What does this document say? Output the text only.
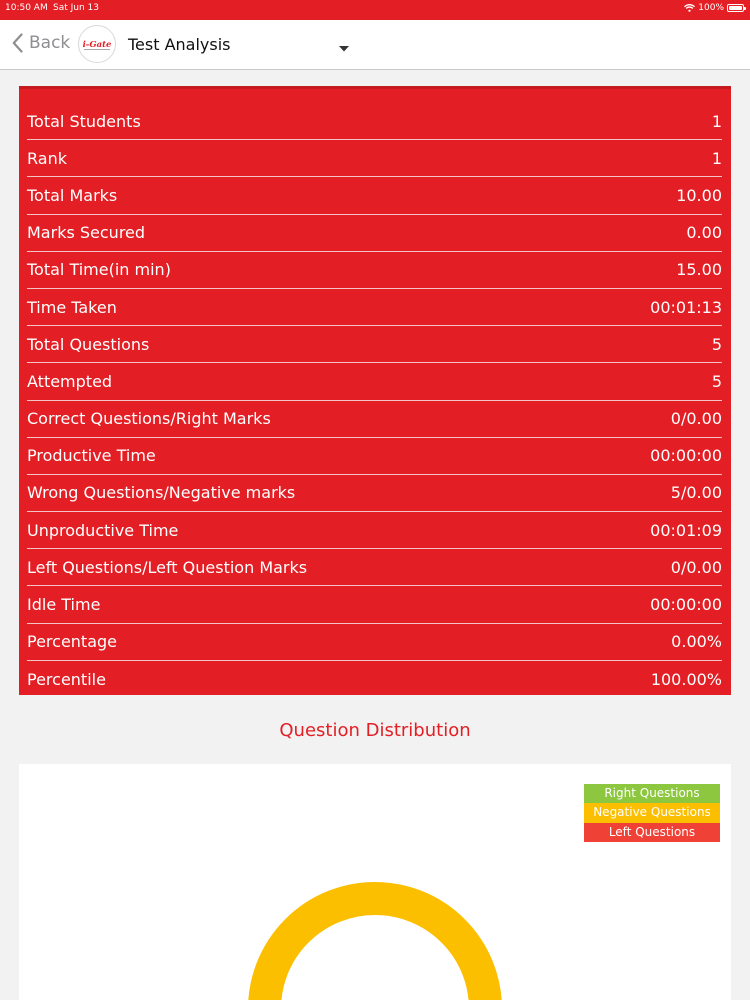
10:50 AM Sat Jun 13	100%
Back i-Gate Test Analysis
Total Students	1
Rank	1
Total Marks	10.00
Marks Secured	0.00
Total Time(in min)	15.00
Time Taken	00:01:13
Total Questions	5
Attempted	5
Correct Questions/Right Marks	0/0.00
Productive Time	00:00:00
Wrong Questions/Negative marks	5/0.00
Unproductive Time	00:01:09
Left Questions/Left Question Marks	0/0.00
Idle Time	00:00:00
Percentage	0.00%
Percentile	100.00%
Question Distribution
Right Questions
Negative Questions
Left Questions
